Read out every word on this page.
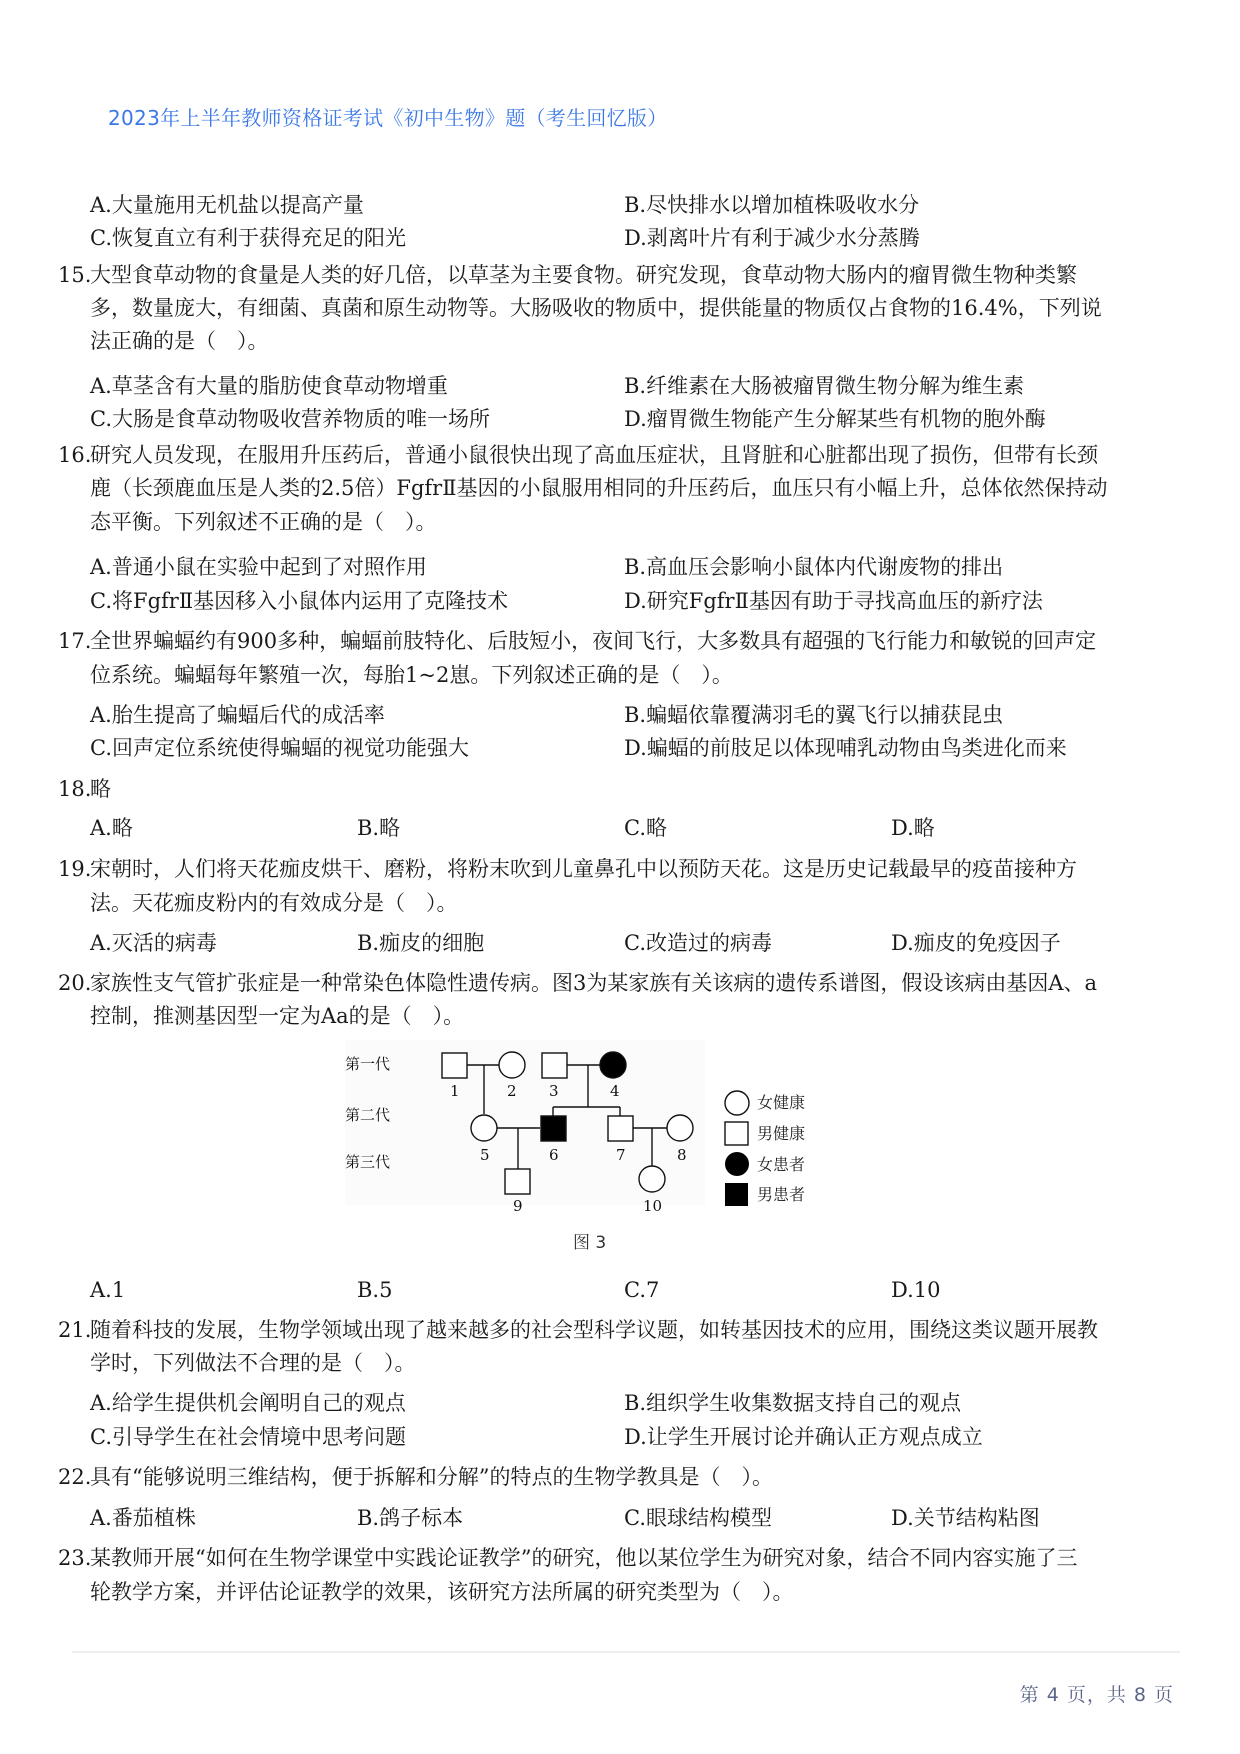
2023年上半年教师资格证考试《初中生物》题（考生回忆版）
A.大量施用无机盐以提高产量	B.尽快排水以增加植株吸收水分
C.恢复直立有利于获得充足的阳光	D.剥离叶片有利于减少水分蒸腾
15.
大型食草动物的食量是人类的好几倍，以草茎为主要食物。研究发现，食草动物大肠内的瘤胃微生物种类繁
多，数量庞大，有细菌、真菌和原生动物等。大肠吸收的物质中，提供能量的物质仅占食物的16.4%，下列说
法正确的是（　）。
A.草茎含有大量的脂肪使食草动物增重	B.纤维素在大肠被瘤胃微生物分解为维生素
C.大肠是食草动物吸收营养物质的唯一场所	D.瘤胃微生物能产生分解某些有机物的胞外酶
16.
研究人员发现，在服用升压药后，普通小鼠很快出现了高血压症状，且肾脏和心脏都出现了损伤，但带有长颈
鹿（长颈鹿血压是人类的2.5倍）FgfrⅡ基因的小鼠服用相同的升压药后，血压只有小幅上升，总体依然保持动
态平衡。下列叙述不正确的是（　）。
A.普通小鼠在实验中起到了对照作用	B.高血压会影响小鼠体内代谢废物的排出
C.将FgfrⅡ基因移入小鼠体内运用了克隆技术	D.研究FgfrⅡ基因有助于寻找高血压的新疗法
17.
全世界蝙蝠约有900多种，蝙蝠前肢特化、后肢短小，夜间飞行，大多数具有超强的飞行能力和敏锐的回声定
位系统。蝙蝠每年繁殖一次，每胎1~2崽。下列叙述正确的是（　）。
A.胎生提高了蝙蝠后代的成活率	B.蝙蝠依靠覆满羽毛的翼飞行以捕获昆虫
C.回声定位系统使得蝙蝠的视觉功能强大	D.蝙蝠的前肢足以体现哺乳动物由鸟类进化而来
18.
略
A.略	B.略	C.略	D.略
19.
宋朝时，人们将天花痂皮烘干、磨粉，将粉末吹到儿童鼻孔中以预防天花。这是历史记载最早的疫苗接种方
法。天花痂皮粉内的有效成分是（　）。
A.灭活的病毒	B.痂皮的细胞	C.改造过的病毒	D.痂皮的免疫因子
20.
家族性支气管扩张症是一种常染色体隐性遗传病。图3为某家族有关该病的遗传系谱图，假设该病由基因A、a
控制，推测基因型一定为Aa的是（　）。
第一代
第二代
第三代
1	2 3	4
5	6	7	8
9	10
女健康
男健康
女患者
男患者
图 3
A.1	B.5	C.7	D.10
21.
随着科技的发展，生物学领域出现了越来越多的社会型科学议题，如转基因技术的应用，围绕这类议题开展教
学时，下列做法不合理的是（　）。
A.给学生提供机会阐明自己的观点	B.组织学生收集数据支持自己的观点
C.引导学生在社会情境中思考问题	D.让学生开展讨论并确认正方观点成立
22.
具有“能够说明三维结构，便于拆解和分解”的特点的生物学教具是（　）。
A.番茄植株	B.鸽子标本	C.眼球结构模型	D.关节结构粘图
23.
某教师开展“如何在生物学课堂中实践论证教学”的研究，他以某位学生为研究对象，结合不同内容实施了三
轮教学方案，并评估论证教学的效果，该研究方法所属的研究类型为（　）。
第 4 页，共 8 页
